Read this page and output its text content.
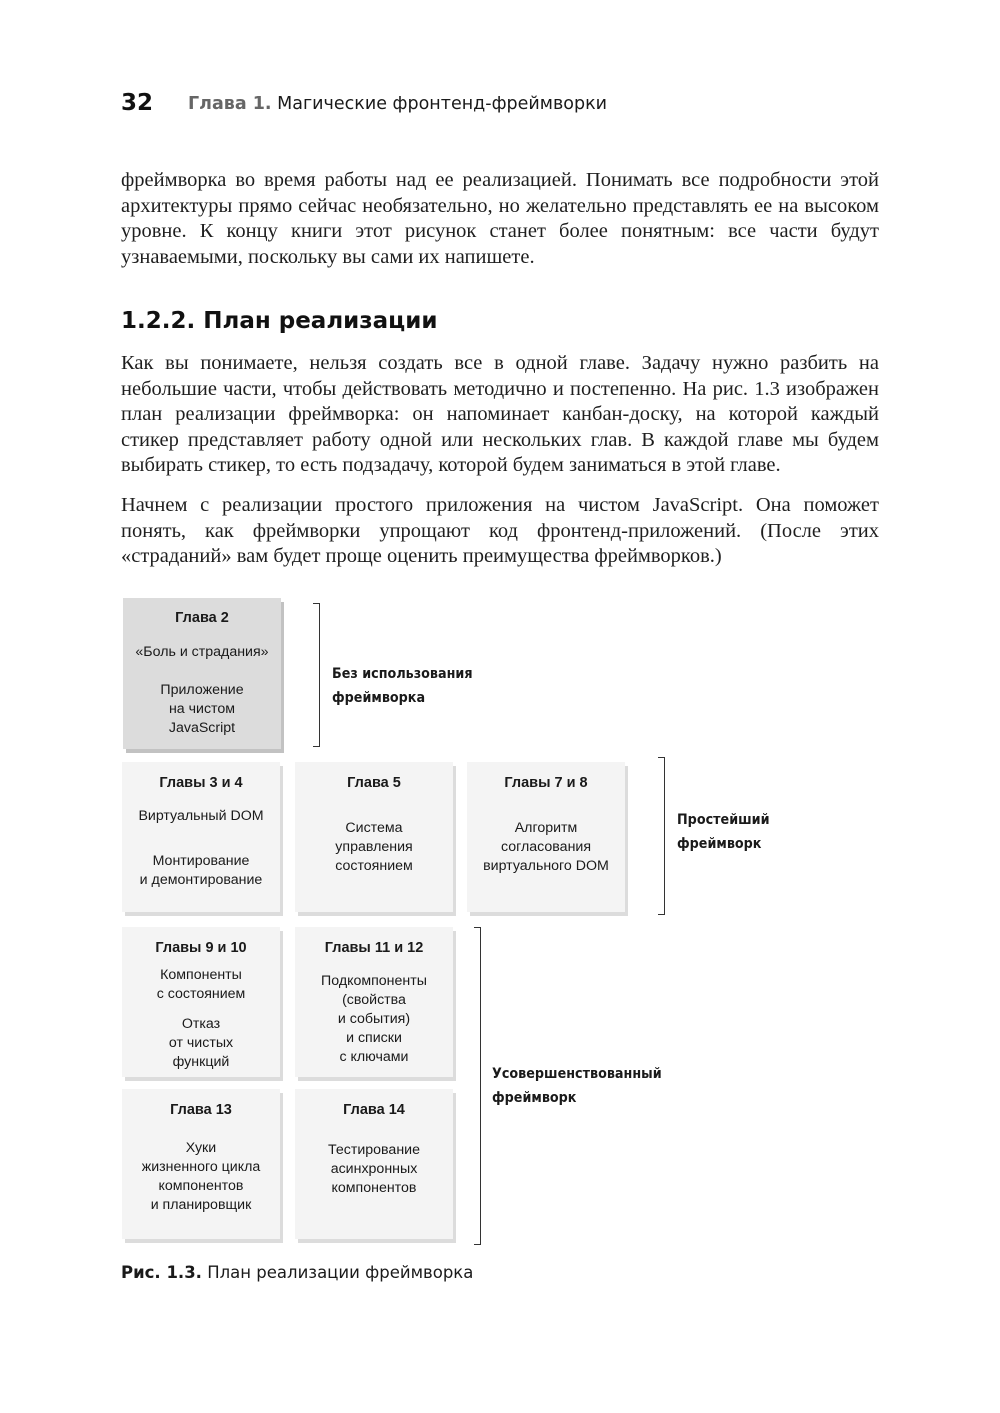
32 Глава 1. Магические фронтенд-фреймворки

фреймворка во время работы над ее реализацией. Понимать все подробности этой архитектуры прямо сейчас необязательно, но желательно представлять ее на высоком уровне. К концу книги этот рисунок станет более понятным: все части будут узнаваемыми, поскольку вы сами их напишете.

1.2.2. План реализации

Как вы понимаете, нельзя создать все в одной главе. Задачу нужно разбить на небольшие части, чтобы действовать методично и постепенно. На рис. 1.3 изображен план реализации фреймворка: он напоминает канбан-доску, на которой каждый стикер представляет работу одной или нескольких глав. В каждой главе мы будем выбирать стикер, то есть подзадачу, которой будем заниматься в этой главе.

Начнем с реализации простого приложения на чистом JavaScript. Она поможет понять, как фреймворки упрощают код фронтенд-приложений. (После этих «страданий» вам будет проще оценить преимущества фреймворков.)

Глава 2
«Боль и страдания»
Приложение
на чистом
JavaScript
Без использования
фреймворка
Главы 3 и 4
Виртуальный DOM
Монтирование
и демонтирование
Глава 5
Система
управления
состоянием
Главы 7 и 8
Алгоритм
согласования
виртуального DOM
Простейший
фреймворк
Главы 9 и 10
Компоненты
с состоянием
Отказ
от чистых
функций
Главы 11 и 12
Подкомпоненты
(свойства
и события)
и списки
с ключами
Глава 13
Хуки
жизненного цикла
компонентов
и планировщик
Глава 14
Тестирование
асинхронных
компонентов
Усовершенствованный
фреймворк
Рис. 1.3. План реализации фреймворка
